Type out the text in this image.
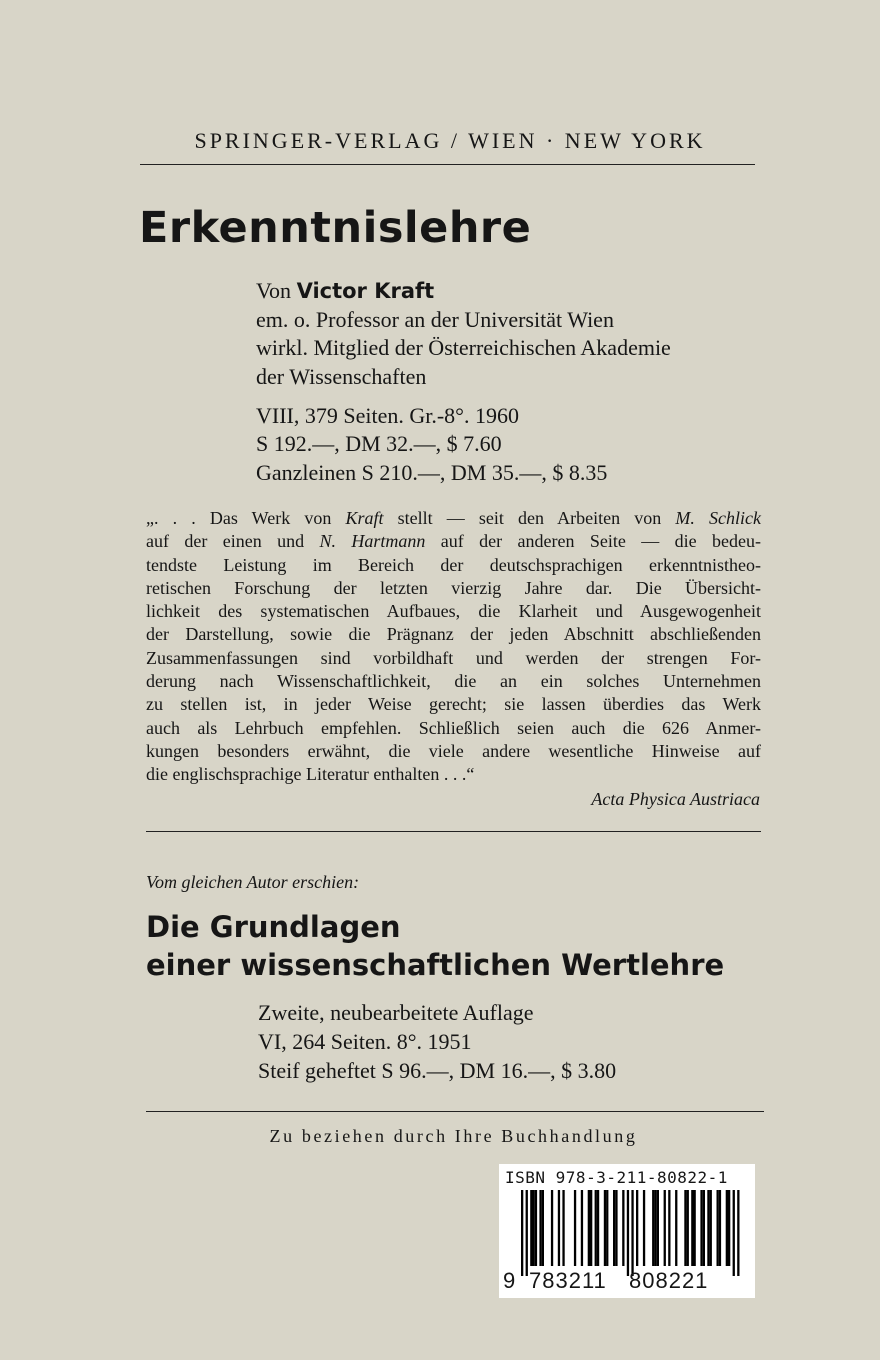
SPRINGER-VERLAG / WIEN · NEW YORK
Erkenntnislehre
Von Victor Kraft
em. o. Professor an der Universität Wien
wirkl. Mitglied der Österreichischen Akademie
der Wissenschaften
VIII, 379 Seiten. Gr.-8°. 1960
S 192.—, DM 32.—, $ 7.60
Ganzleinen S 210.—, DM 35.—, $ 8.35

„. . . Das Werk von Kraft stellt — seit den Arbeiten von M. Schlick

auf der einen und N. Hartmann auf der anderen Seite — die bedeu-

tendste Leistung im Bereich der deutschsprachigen erkenntnistheo-

retischen Forschung der letzten vierzig Jahre dar. Die Übersicht-

lichkeit des systematischen Aufbaues, die Klarheit und Ausgewogenheit

der Darstellung, sowie die Prägnanz der jeden Abschnitt abschließenden

Zusammenfassungen sind vorbildhaft und werden der strengen For-

derung nach Wissenschaftlichkeit, die an ein solches Unternehmen

zu stellen ist, in jeder Weise gerecht; sie lassen überdies das Werk

auch als Lehrbuch empfehlen. Schließlich seien auch die 626 Anmer-

kungen besonders erwähnt, die viele andere wesentliche Hinweise auf

die englischsprachige Literatur enthalten . . .“

Acta Physica Austriaca
Vom gleichen Autor erschien:
Die Grundlagen
einer wissenschaftlichen Wertlehre
Zweite, neubearbeitete Auflage
VI, 264 Seiten. 8°. 1951
Steif geheftet S 96.—, DM 16.—, $ 3.80
Zu beziehen durch Ihre Buchhandlung
ISBN 978-3-211-80822-1
9 783211 808221
